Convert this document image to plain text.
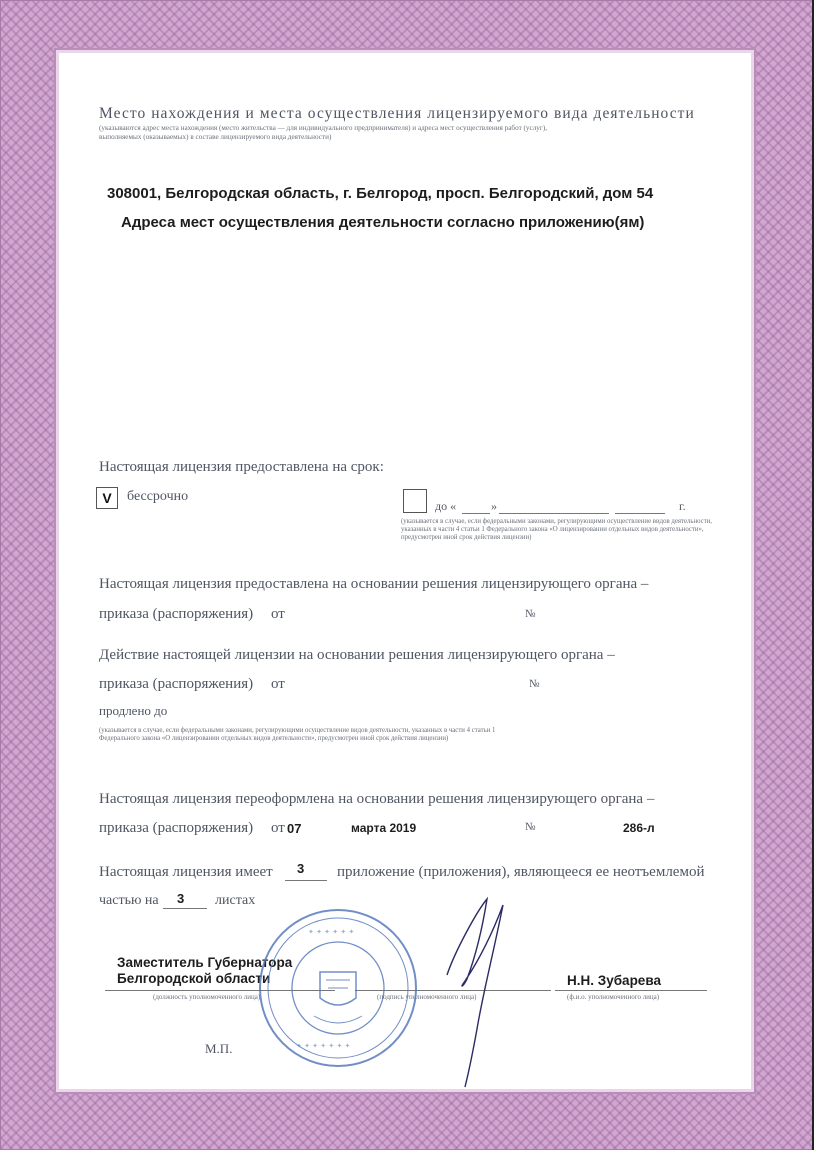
Место нахождения и места осуществления лицензируемого вида деятельности
(указываются адрес места нахождения (место жительства — для индивидуального предпринимателя) и адреса мест осуществления работ (услуг),
выполняемых (оказываемых) в составе лицензируемого вида деятельности)
308001, Белгородская область, г. Белгород, просп. Белгородский, дом 54
Адреса мест осуществления деятельности согласно приложению(ям)
Настоящая лицензия предоставлена на срок:
V	бессрочно
до «	»	г.
(указывается в случае, если федеральными законами, регулирующими осуществление видов деятельности, указанных в части 4 статьи 1 Федерального закона «О лицензировании отдельных видов деятельности», предусмотрен иной срок действия лицензии)
Настоящая лицензия предоставлена на основании решения лицензирующего органа –
приказа (распоряжения) от	№
Действие настоящей лицензии на основании решения лицензирующего органа –
приказа (распоряжения) от	№
продлено до
(указывается в случае, если федеральными законами, регулирующими осуществление видов деятельности, указанных в части 4 статьи 1 Федерального закона «О лицензировании отдельных видов деятельности», предусмотрен иной срок действия лицензии)
Настоящая лицензия переоформлена на основании решения лицензирующего органа –
приказа (распоряжения) от 07	марта 2019	№	286-л
Настоящая лицензия имеет 3 приложение (приложения), являющееся ее неотъемлемой
частью на 3 листах
Заместитель Губернатора
Белгородской области
(должность уполномоченного лица)	(подпись уполномоченного лица)
Н.Н. Зубарева
(ф.и.о. уполномоченного лица)
М.П.
✦ ✦ ✦ ✦ ✦ ✦
✦ ✦ ✦ ✦ ✦ ✦ ✦
